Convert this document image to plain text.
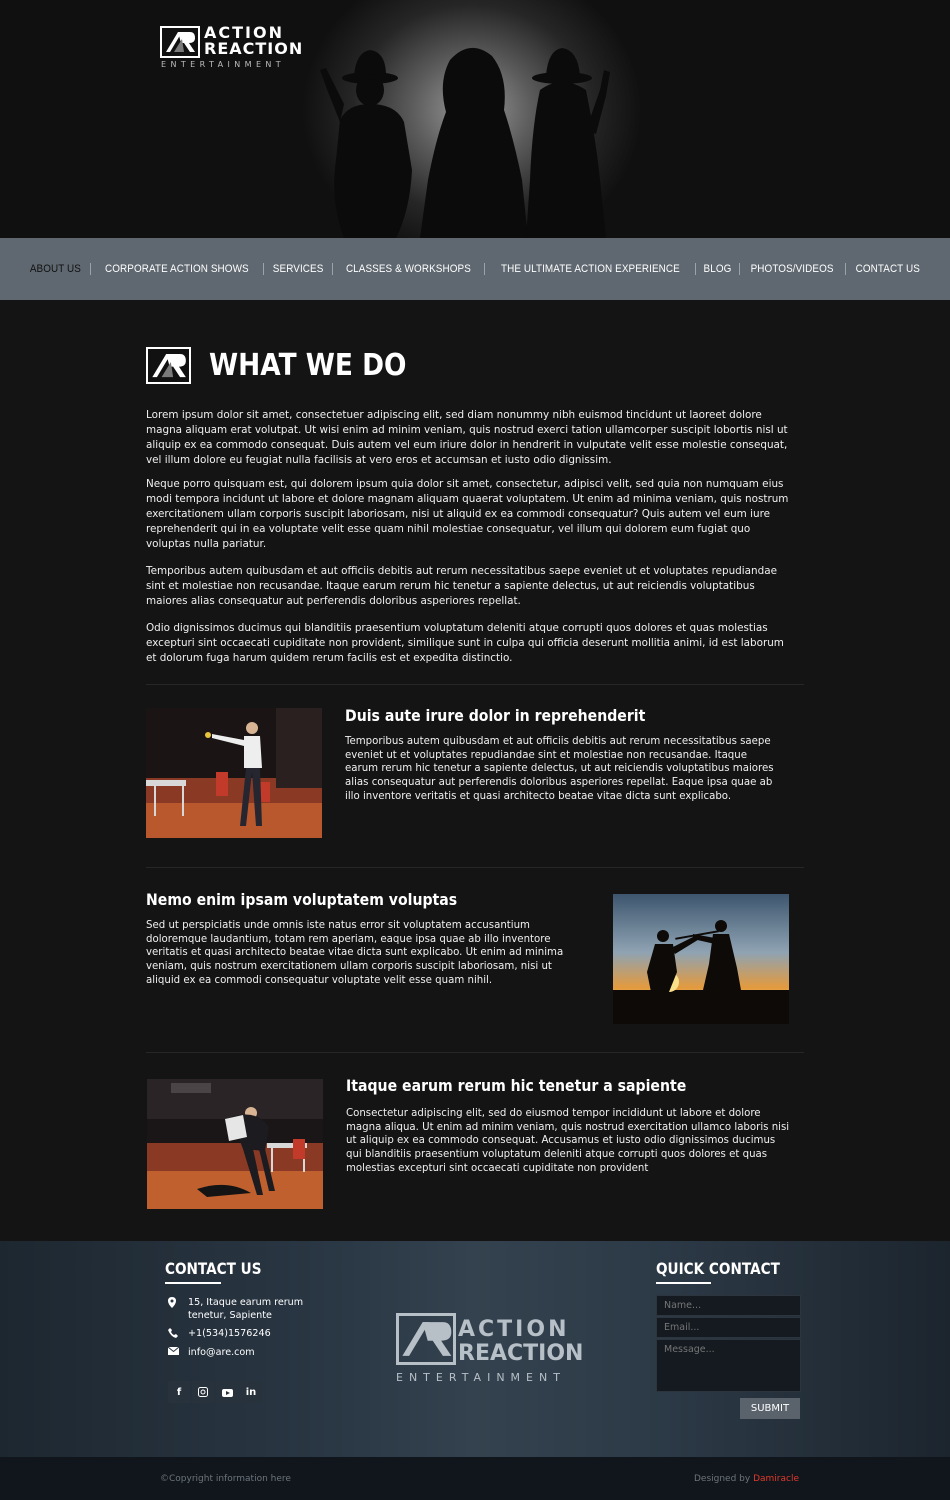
ACTION
REACTION
ENTERTAINMENT
ABOUT US	CORPORATE ACTION SHOWS	SERVICES	CLASSES & WORKSHOPS	THE ULTIMATE ACTION EXPERIENCE	BLOG	PHOTOS/VIDEOS	CONTACT US
WHAT WE DO

Lorem ipsum dolor sit amet, consectetuer adipiscing elit, sed diam nonummy nibh euismod tincidunt ut laoreet dolore magna aliquam erat volutpat. Ut wisi enim ad minim veniam, quis nostrud exerci tation ullamcorper suscipit lobortis nisl ut aliquip ex ea commodo consequat. Duis autem vel eum iriure dolor in hendrerit in vulputate velit esse molestie consequat, vel illum dolore eu feugiat nulla facilisis at vero eros et accumsan et iusto odio dignissim.

Neque porro quisquam est, qui dolorem ipsum quia dolor sit amet, consectetur, adipisci velit, sed quia non numquam eius modi tempora incidunt ut labore et dolore magnam aliquam quaerat voluptatem. Ut enim ad minima veniam, quis nostrum exercitationem ullam corporis suscipit laboriosam, nisi ut aliquid ex ea commodi consequatur? Quis autem vel eum iure reprehenderit qui in ea voluptate velit esse quam nihil molestiae consequatur, vel illum qui dolorem eum fugiat quo voluptas nulla pariatur.

Temporibus autem quibusdam et aut officiis debitis aut rerum necessitatibus saepe eveniet ut et voluptates repudiandae sint et molestiae non recusandae. Itaque earum rerum hic tenetur a sapiente delectus, ut aut reiciendis voluptatibus maiores alias consequatur aut perferendis doloribus asperiores repellat.

Odio dignissimos ducimus qui blanditiis praesentium voluptatum deleniti atque corrupti quos dolores et quas molestias excepturi sint occaecati cupiditate non provident, similique sunt in culpa qui officia deserunt mollitia animi, id est laborum et dolorum fuga harum quidem rerum facilis est et expedita distinctio.

Duis aute irure dolor in reprehenderit

Temporibus autem quibusdam et aut officiis debitis aut rerum necessitatibus saepe eveniet ut et voluptates repudiandae sint et molestiae non recusandae. Itaque earum rerum hic tenetur a sapiente delectus, ut aut reiciendis voluptatibus maiores alias consequatur aut perferendis doloribus asperiores repellat. Eaque ipsa quae ab illo inventore veritatis et quasi architecto beatae vitae dicta sunt explicabo.

Nemo enim ipsam voluptatem voluptas

Sed ut perspiciatis unde omnis iste natus error sit voluptatem accusantium doloremque laudantium, totam rem aperiam, eaque ipsa quae ab illo inventore veritatis et quasi architecto beatae vitae dicta sunt explicabo. Ut enim ad minima veniam, quis nostrum exercitationem ullam corporis suscipit laboriosam, nisi ut aliquid ex ea commodi consequatur voluptate velit esse quam nihil.

Itaque earum rerum hic tenetur a sapiente

Consectetur adipiscing elit, sed do eiusmod tempor incididunt ut labore et dolore magna aliqua. Ut enim ad minim veniam, quis nostrud exercitation ullamco laboris nisi ut aliquip ex ea commodo consequat. Accusamus et iusto odio dignissimos ducimus qui blanditiis praesentium voluptatum deleniti atque corrupti quos dolores et quas molestias excepturi sint occaecati cupiditate non provident

ACTION
REACTION
ENTERTAINMENT
CONTACT US
15, Itaque earum rerum
tenetur, Sapiente
+1(534)1576246
info@are.com
f	in
QUICK CONTACT
Name...
Email...
Message...
SUBMIT
©Copyright information here	Designed by Damiracle
